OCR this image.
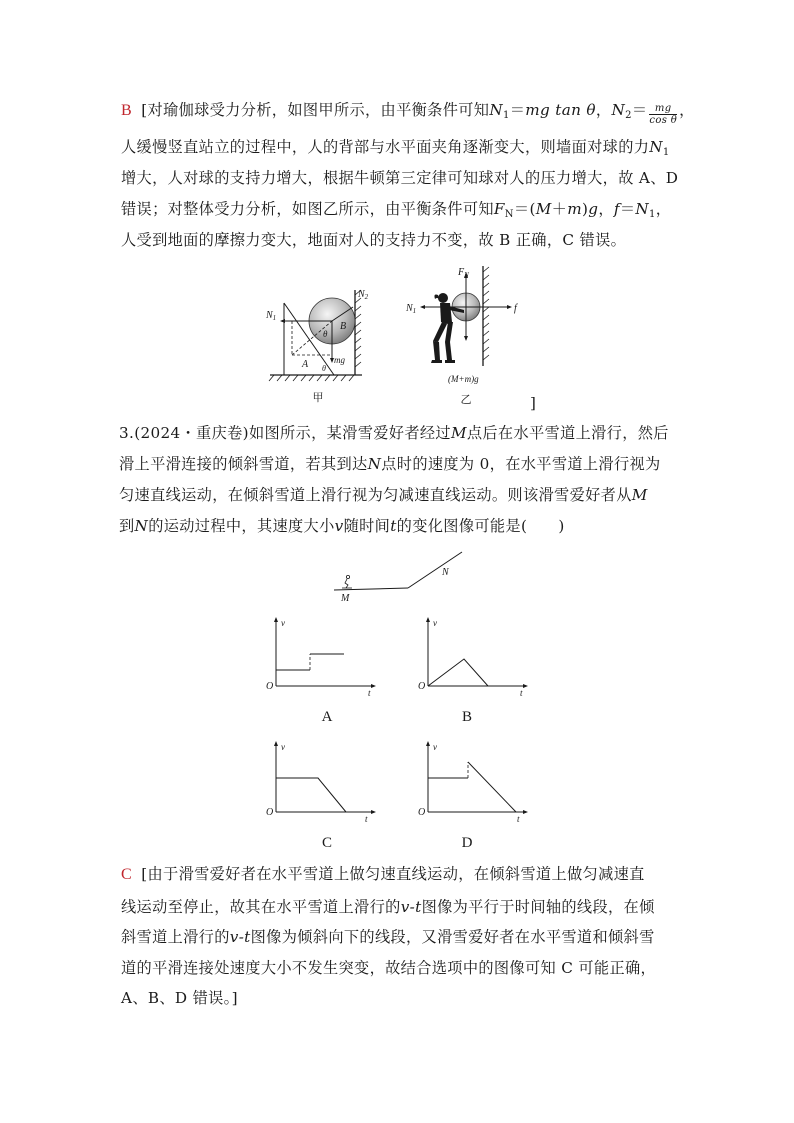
B [对瑜伽球受力分析，如图甲所示，由平衡条件可知$N_1=mg$ tan θ，$N_2= \frac{mg}{\text{cos θ}}$ ，
人缓慢竖直站立的过程中，人的背部与水平面夹角逐渐变大，则墙面对球的力$N_1$
增大，人对球的支持力增大，根据牛顿第三定律可知球对人的压力增大，故 A、D
错误；对整体受力分析，如图乙所示，由平衡条件可知$F_N=(M+m)g$，$f=N_1$，
人受到地面的摩擦力变大，地面对人的支持力不变，故 B 正确，C 错误。
$N_1$
$N_2$
B
θ
mg
A θ
甲
$F_N$
$N_1$	f
(M+m)g
乙	]
3.(2024・重庆卷)如图所示，某滑雪爱好者经过M点后在水平雪道上滑行，然后
滑上平滑连接的倾斜雪道，若其到达N点时的速度为 0，在水平雪道上滑行视为
匀速直线运动，在倾斜雪道上滑行视为匀减速直线运动。则该滑雪爱好者从M
到N的运动过程中，其速度大小v随时间t的变化图像可能是(　　)
M
N
v
t
O
A
v
t
O
B
v
t
O
C
v
t
O
D
C [由于滑雪爱好者在水平雪道上做匀速直线运动，在倾斜雪道上做匀减速直
线运动至停止，故其在水平雪道上滑行的v-t图像为平行于时间轴的线段，在倾
斜雪道上滑行的v-t图像为倾斜向下的线段，又滑雪爱好者在水平雪道和倾斜雪
道的平滑连接处速度大小不发生突变，故结合选项中的图像可知 C 可能正确，
A、B、D 错误。]
